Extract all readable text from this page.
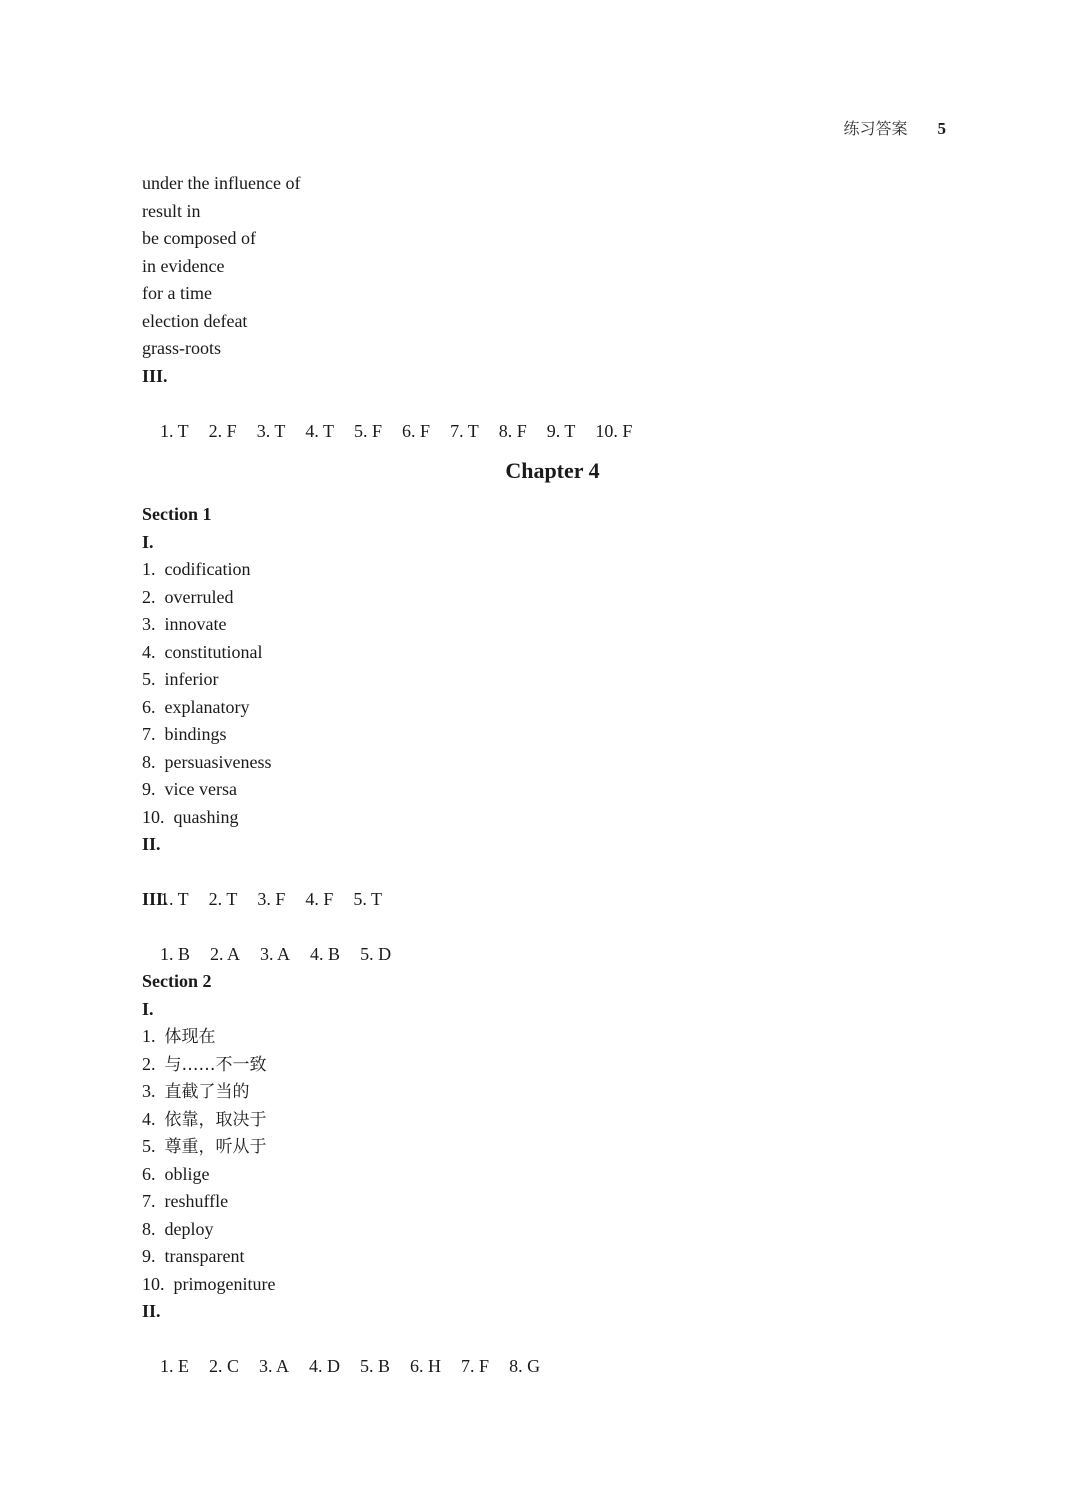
练习答案 5
under the influence of
result in
be composed of
in evidence
for a time
election defeat
grass-roots
III.

1. T 2. F 3. T 4. T 5. F 6. F 7. T 8. F 9. T 10. F

Chapter 4
Section 1
I.
1.  codification
2.  overruled
3.  innovate
4.  constitutional
5.  inferior
6.  explanatory
7.  bindings
8.  persuasiveness
9.  vice versa
10.  quashing
II.

1. T 2. T 3. F 4. F 5. T

III.

1. B 2. A 3. A 4. B 5. D

Section 2
I.
1. 体现在
2. 与……不一致
3. 直截了当的
4. 依靠，取决于
5. 尊重，听从于
6. oblige
7. reshuffle
8. deploy
9. transparent
10. primogeniture
II.

1. E 2. C 3. A 4. D 5. B 6. H 7. F 8. G
